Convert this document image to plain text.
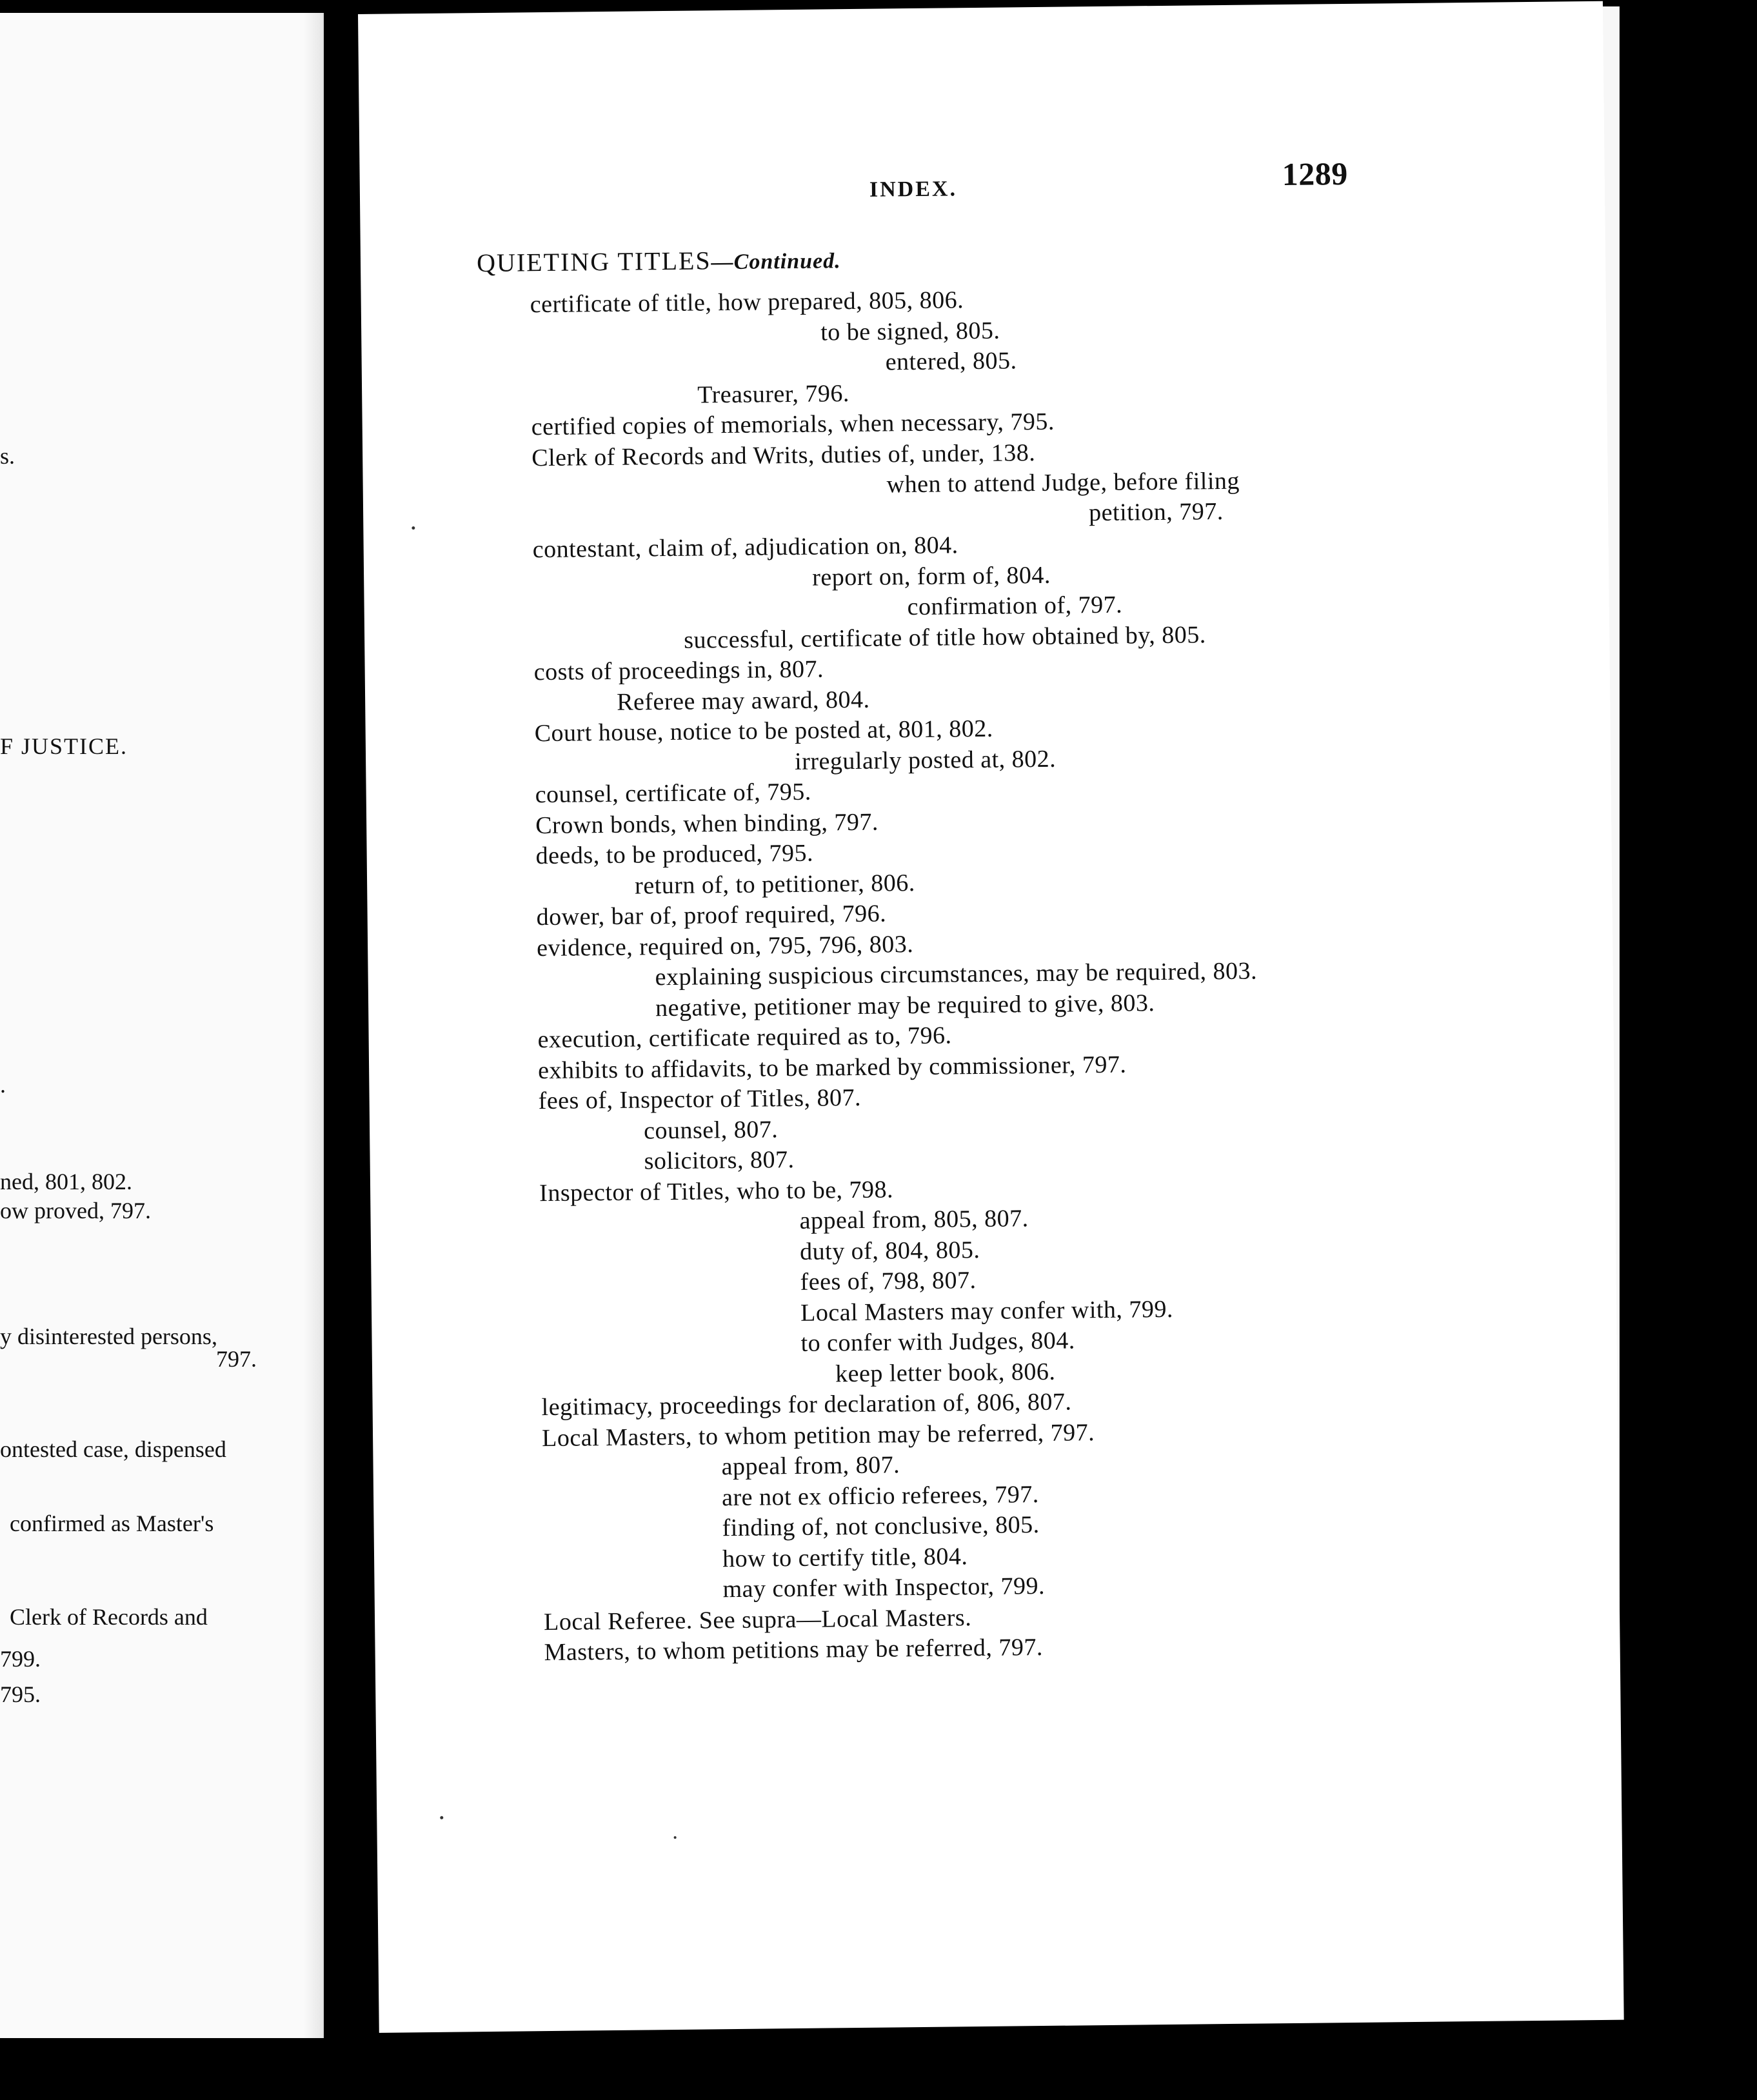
s.
F JUSTICE.
.
ned, 801, 802.
ow proved, 797.
y disinterested persons,
797.
ontested case, dispensed
confirmed as Master's
Clerk of Records and
799.
795.
INDEX.	1289
QUIETING TITLES—Continued.
certificate of title, how prepared, 805, 806.
to be signed, 805.
entered, 805.
Treasurer, 796.
certified copies of memorials, when necessary, 795.
Clerk of Records and Writs, duties of, under, 138.
when to attend Judge, before filing
petition, 797.
contestant, claim of, adjudication on, 804.
report on, form of, 804.
confirmation of, 797.
successful, certificate of title how obtained by, 805.
costs of proceedings in, 807.
Referee may award, 804.
Court house, notice to be posted at, 801, 802.
irregularly posted at, 802.
counsel, certificate of, 795.
Crown bonds, when binding, 797.
deeds, to be produced, 795.
return of, to petitioner, 806.
dower, bar of, proof required, 796.
evidence, required on, 795, 796, 803.
explaining suspicious circumstances, may be required, 803.
negative, petitioner may be required to give, 803.
execution, certificate required as to, 796.
exhibits to affidavits, to be marked by commissioner, 797.
fees of, Inspector of Titles, 807.
counsel, 807.
solicitors, 807.
Inspector of Titles, who to be, 798.
appeal from, 805, 807.
duty of, 804, 805.
fees of, 798, 807.
Local Masters may confer with, 799.
to confer with Judges, 804.
keep letter book, 806.
legitimacy, proceedings for declaration of, 806, 807.
Local Masters, to whom petition may be referred, 797.
appeal from, 807.
are not ex officio referees, 797.
finding of, not conclusive, 805.
how to certify title, 804.
may confer with Inspector, 799.
Local Referee. See supra—Local Masters.
Masters, to whom petitions may be referred, 797.
